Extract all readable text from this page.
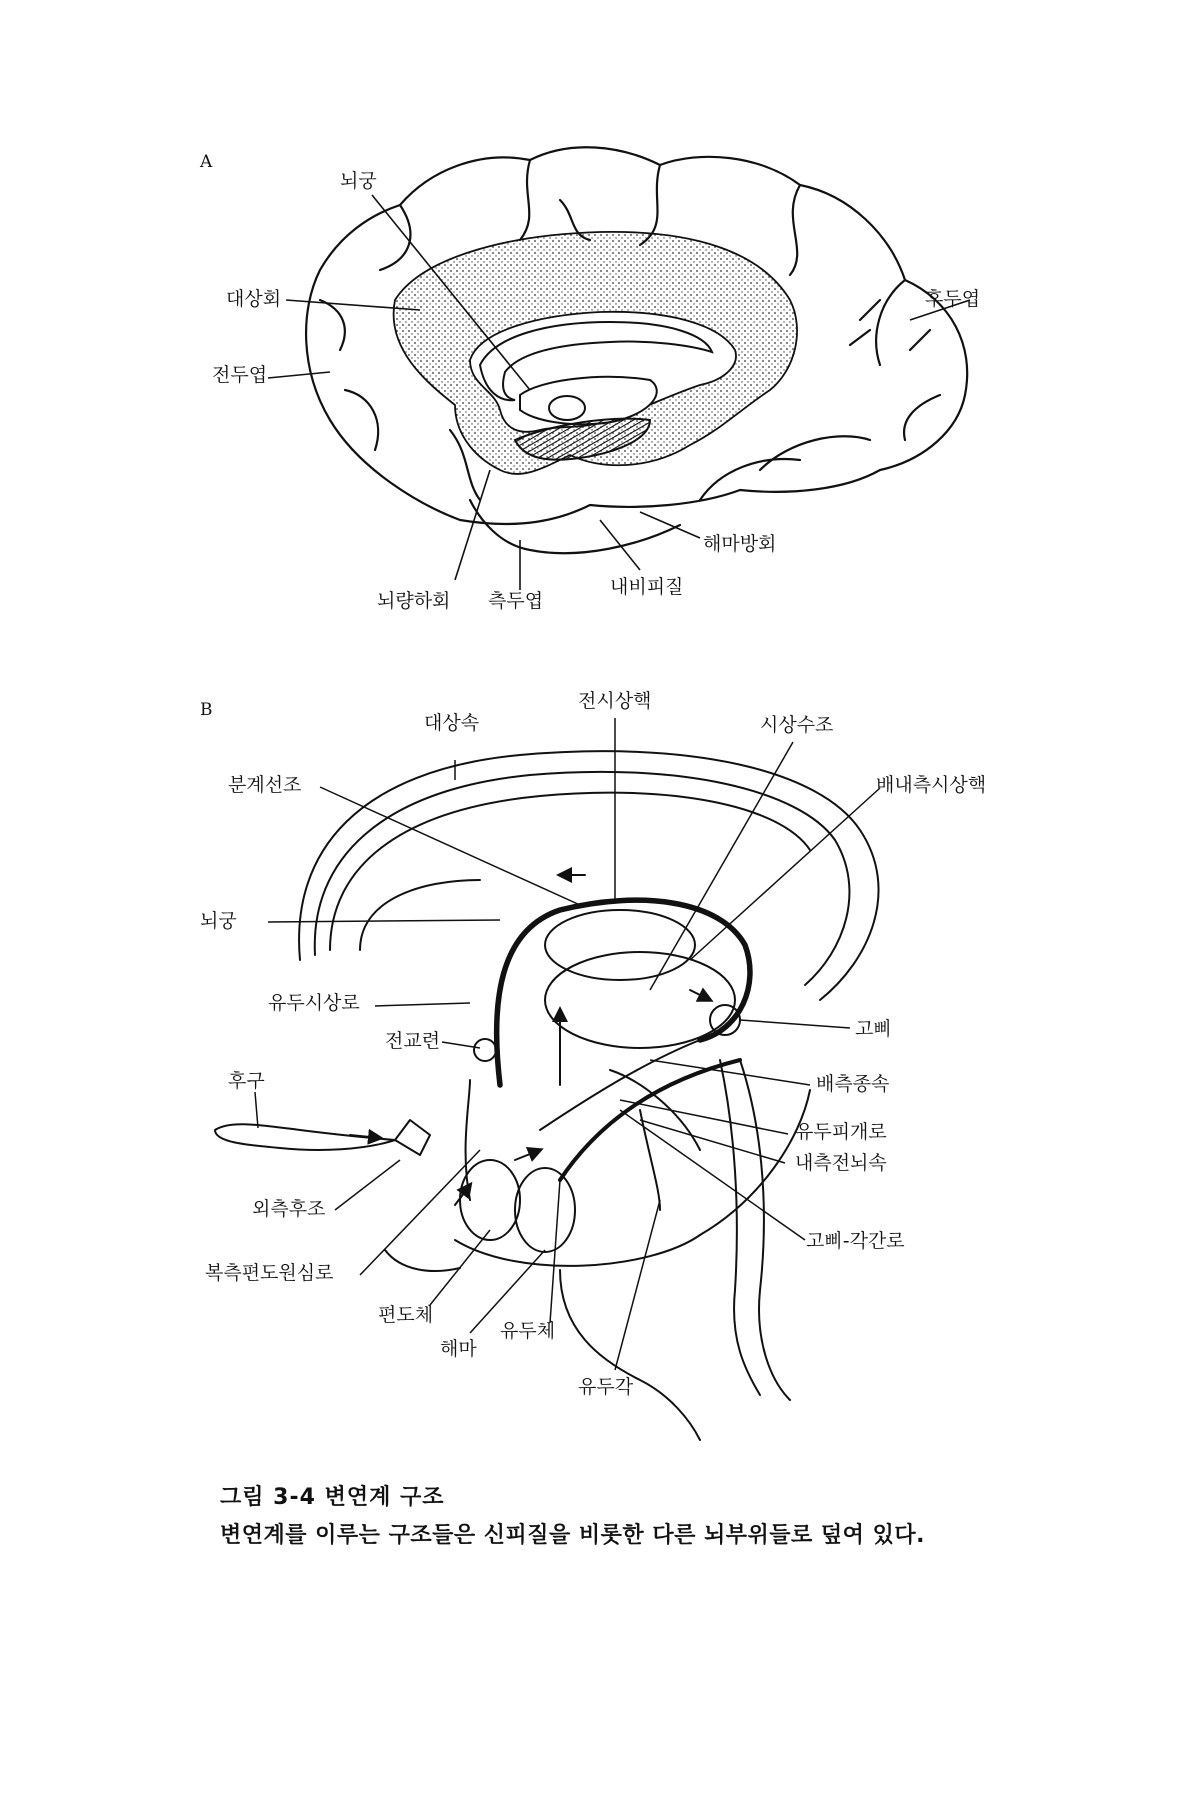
A
B
뇌궁
대상회
전두엽
후두엽
해마방회
내비피질
뇌량하회 측두엽
전시상핵
대상속	시상수조
분계선조	배내측시상핵
뇌궁
유두시상로
전교련
고삐
후구	배측종속
유두피개로
내측전뇌속
외측후조
고삐-각간로
복측편도원심로
편도체
유두체
해마
유두각
그림 3-4 변연계 구조
변연계를 이루는 구조들은 신피질을 비롯한 다른 뇌부위들로 덮여 있다.
